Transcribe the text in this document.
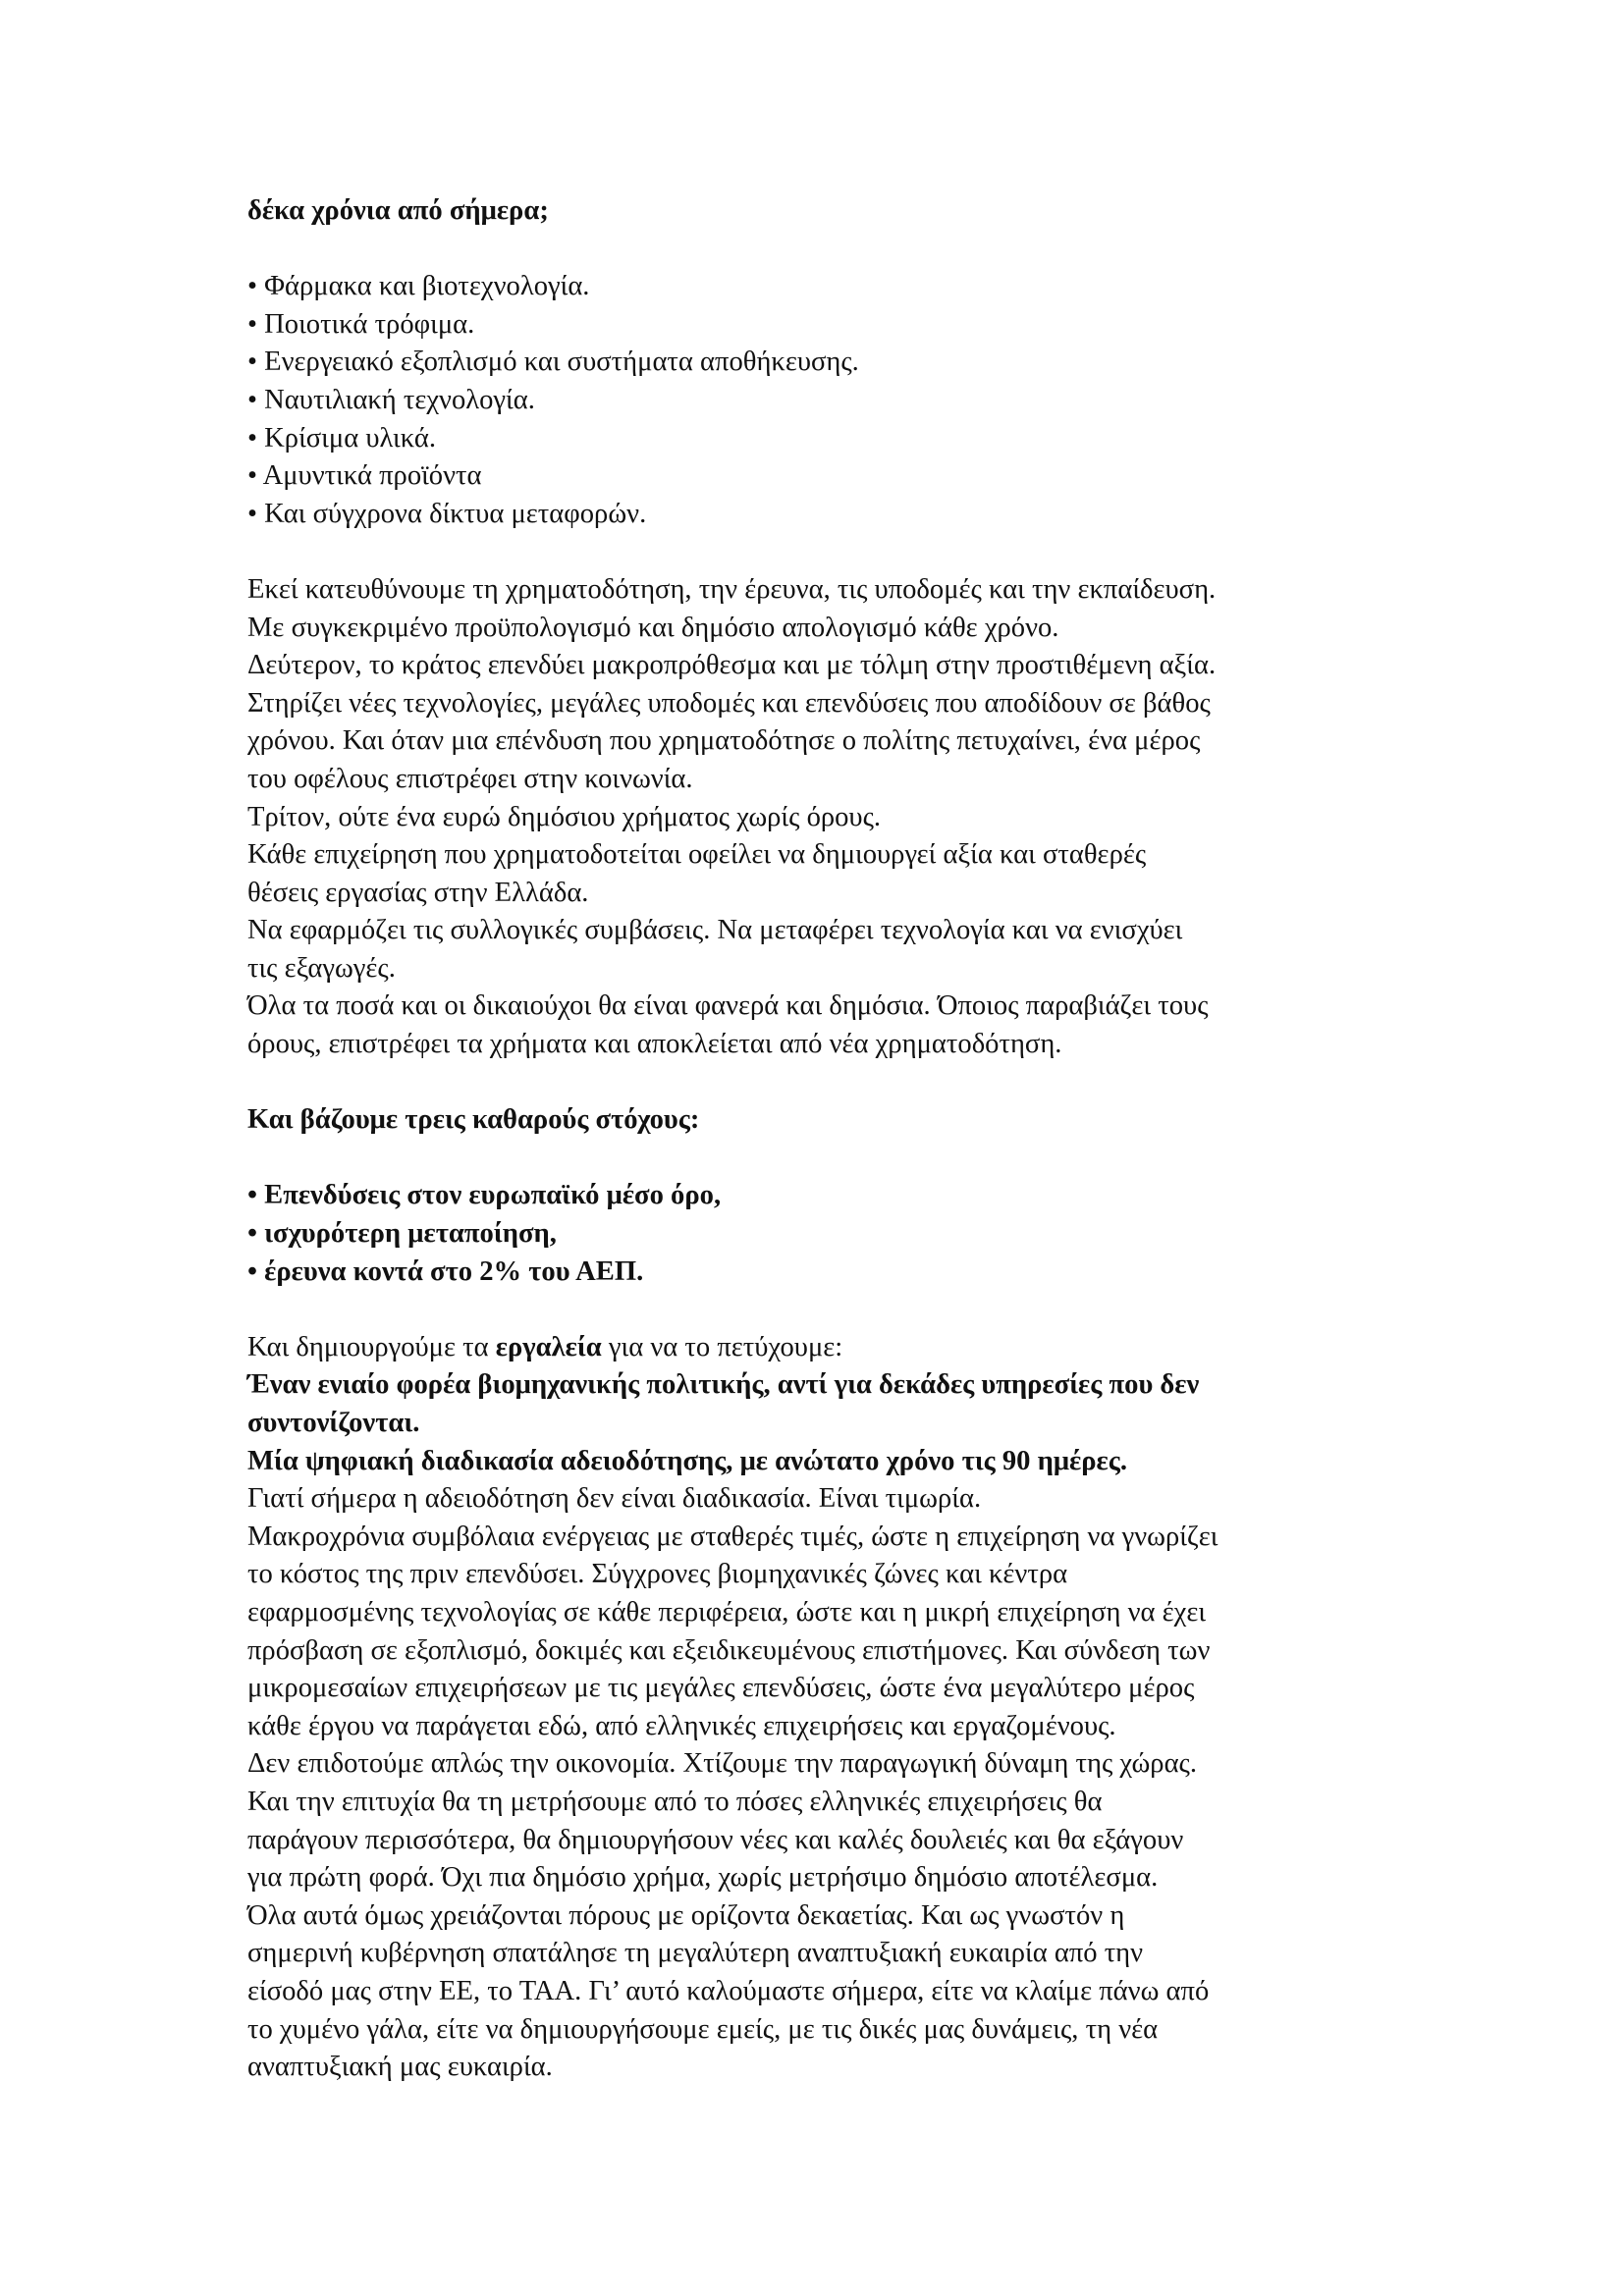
δέκα χρόνια από σήμερα;

• Φάρμακα και βιοτεχνολογία.
• Ποιοτικά τρόφιμα.
• Ενεργειακό εξοπλισμό και συστήματα αποθήκευσης.
• Ναυτιλιακή τεχνολογία.
• Κρίσιμα υλικά.
• Αμυντικά προϊόντα
• Και σύγχρονα δίκτυα μεταφορών.
Εκεί κατευθύνουμε τη χρηματοδότηση, την έρευνα, τις υποδομές και την εκπαίδευση.
Με συγκεκριμένο προϋπολογισμό και δημόσιο απολογισμό κάθε χρόνο.
Δεύτερον, το κράτος επενδύει μακροπρόθεσμα και με τόλμη στην προστιθέμενη αξία.
Στηρίζει νέες τεχνολογίες, μεγάλες υποδομές και επενδύσεις που αποδίδουν σε βάθος
χρόνου. Και όταν μια επένδυση που χρηματοδότησε ο πολίτης πετυχαίνει, ένα μέρος
του οφέλους επιστρέφει στην κοινωνία.
Τρίτον, ούτε ένα ευρώ δημόσιου χρήματος χωρίς όρους.
Κάθε επιχείρηση που χρηματοδοτείται οφείλει να δημιουργεί αξία και σταθερές
θέσεις εργασίας στην Ελλάδα.
Να εφαρμόζει τις συλλογικές συμβάσεις. Να μεταφέρει τεχνολογία και να ενισχύει
τις εξαγωγές.
Όλα τα ποσά και οι δικαιούχοι θα είναι φανερά και δημόσια. Όποιος παραβιάζει τους
όρους, επιστρέφει τα χρήματα και αποκλείεται από νέα χρηματοδότηση.

Και βάζουμε τρεις καθαρούς στόχους:

• Επενδύσεις στον ευρωπαϊκό μέσο όρο,
• ισχυρότερη μεταποίηση,
• έρευνα κοντά στο 2% του ΑΕΠ.

Και δημιουργούμε τα εργαλεία για να το πετύχουμε:

Έναν ενιαίο φορέα βιομηχανικής πολιτικής, αντί για δεκάδες υπηρεσίες που δεν
συντονίζονται.
Μία ψηφιακή διαδικασία αδειοδότησης, με ανώτατο χρόνο τις 90 ημέρες.
Γιατί σήμερα η αδειοδότηση δεν είναι διαδικασία. Είναι τιμωρία.
Μακροχρόνια συμβόλαια ενέργειας με σταθερές τιμές, ώστε η επιχείρηση να γνωρίζει
το κόστος της πριν επενδύσει. Σύγχρονες βιομηχανικές ζώνες και κέντρα
εφαρμοσμένης τεχνολογίας σε κάθε περιφέρεια, ώστε και η μικρή επιχείρηση να έχει
πρόσβαση σε εξοπλισμό, δοκιμές και εξειδικευμένους επιστήμονες. Και σύνδεση των
μικρομεσαίων επιχειρήσεων με τις μεγάλες επενδύσεις, ώστε ένα μεγαλύτερο μέρος
κάθε έργου να παράγεται εδώ, από ελληνικές επιχειρήσεις και εργαζομένους.
Δεν επιδοτούμε απλώς την οικονομία. Χτίζουμε την παραγωγική δύναμη της χώρας.
Και την επιτυχία θα τη μετρήσουμε από το πόσες ελληνικές επιχειρήσεις θα
παράγουν περισσότερα, θα δημιουργήσουν νέες και καλές δουλειές και θα εξάγουν
για πρώτη φορά. Όχι πια δημόσιο χρήμα, χωρίς μετρήσιμο δημόσιο αποτέλεσμα.
Όλα αυτά όμως χρειάζονται πόρους με ορίζοντα δεκαετίας. Και ως γνωστόν η
σημερινή κυβέρνηση σπατάλησε τη μεγαλύτερη αναπτυξιακή ευκαιρία από την
είσοδό μας στην ΕΕ, το ΤΑΑ. Γι’ αυτό καλούμαστε σήμερα, είτε να κλαίμε πάνω από
το χυμένο γάλα, είτε να δημιουργήσουμε εμείς, με τις δικές μας δυνάμεις, τη νέα
αναπτυξιακή μας ευκαιρία.
